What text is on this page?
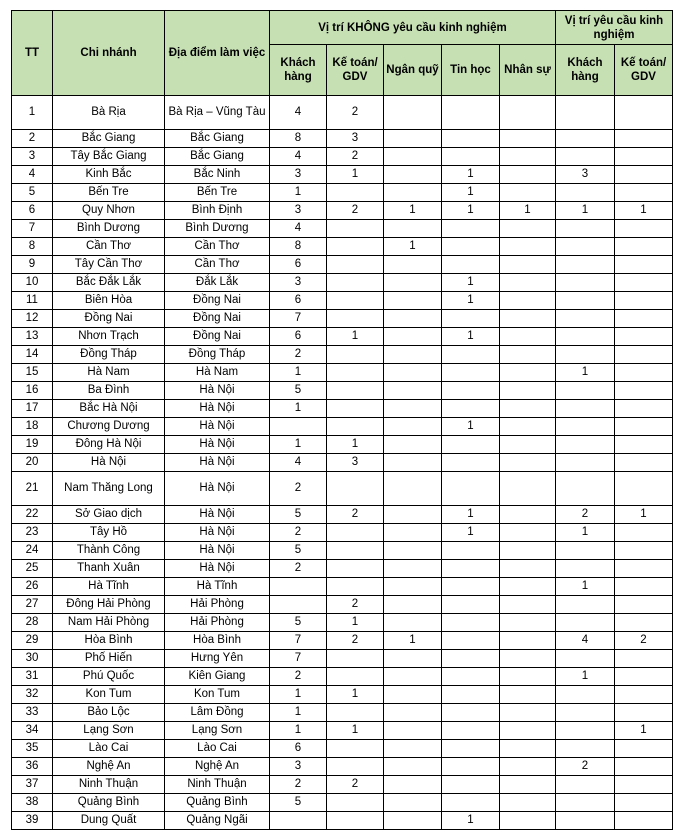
TT	Chi nhánh	Địa điểm làm việc	Vị trí KHÔNG yêu cầu kinh nghiệm					Vị trí yêu cầu kinh nghiệm	
			Khách hàng	Kế toán/ GDV	Ngân quỹ	Tin học	Nhân sự	Khách hàng	Kế toán/ GDV
1	Bà Rịa	Bà Rịa – Vũng Tàu	4	2					
2	Bắc Giang	Bắc Giang	8	3					
3	Tây Bắc Giang	Bắc Giang	4	2					
4	Kinh Bắc	Bắc Ninh	3	1		1		3	
5	Bến Tre	Bến Tre	1			1			
6	Quy Nhơn	Bình Định	3	2	1	1	1	1	1
7	Bình Dương	Bình Dương	4						
8	Cần Thơ	Cần Thơ	8		1				
9	Tây Cần Thơ	Cần Thơ	6						
10	Bắc Đắk Lắk	Đắk Lắk	3			1			
11	Biên Hòa	Đồng Nai	6			1			
12	Đồng Nai	Đồng Nai	7						
13	Nhơn Trạch	Đồng Nai	6	1		1			
14	Đồng Tháp	Đồng Tháp	2						
15	Hà Nam	Hà Nam	1					1	
16	Ba Đình	Hà Nội	5						
17	Bắc Hà Nội	Hà Nội	1						
18	Chương Dương	Hà Nội				1			
19	Đông Hà Nội	Hà Nội	1	1					
20	Hà Nội	Hà Nội	4	3					
21	Nam Thăng Long	Hà Nội	2						
22	Sở Giao dịch	Hà Nội	5	2		1		2	1
23	Tây Hồ	Hà Nội	2			1		1	
24	Thành Công	Hà Nội	5						
25	Thanh Xuân	Hà Nội	2						
26	Hà Tĩnh	Hà Tĩnh						1	
27	Đông Hải Phòng	Hải Phòng		2					
28	Nam Hải Phòng	Hải Phòng	5	1					
29	Hòa Bình	Hòa Bình	7	2	1			4	2
30	Phố Hiến	Hưng Yên	7						
31	Phú Quốc	Kiên Giang	2					1	
32	Kon Tum	Kon Tum	1	1					
33	Bảo Lộc	Lâm Đồng	1						
34	Lạng Sơn	Lạng Sơn	1	1					1
35	Lào Cai	Lào Cai	6						
36	Nghệ An	Nghệ An	3					2	
37	Ninh Thuận	Ninh Thuận	2	2					
38	Quảng Bình	Quảng Bình	5						
39	Dung Quất	Quảng Ngãi				1			
